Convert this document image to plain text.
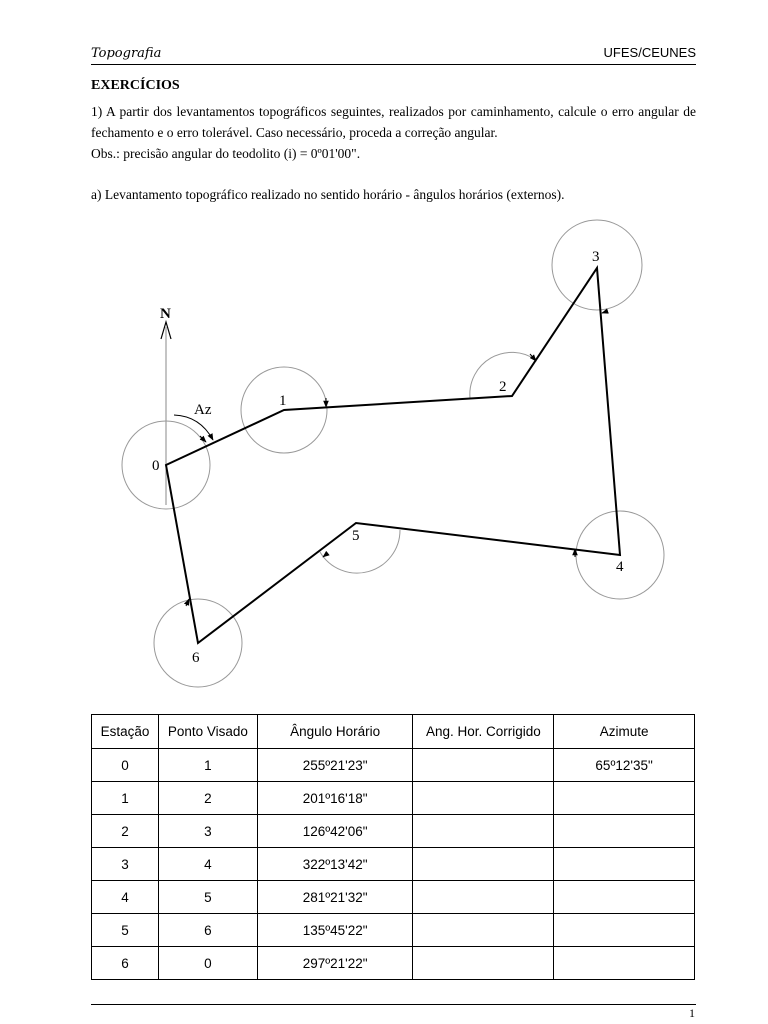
Topografia	UFES/CEUNES
EXERCÍCIOS
1) A partir dos levantamentos topográficos seguintes, realizados por caminhamento, calcule o erro angular de fechamento e o erro tolerável. Caso necessário, proceda a correção angular.
Obs.: precisão angular do teodolito (i) = 0º01'00".
a) Levantamento topográfico realizado no sentido horário - ângulos horários (externos).
N
Az
0
1
2
3
4
5
6
Estação	Ponto Visado	Ângulo Horário	Ang. Hor. Corrigido	Azimute
0	1	255º21'23"		65º12'35"
1	2	201º16'18"		
2	3	126º42'06"		
3	4	322º13'42"		
4	5	281º21'32"		
5	6	135º45'22"		
6	0	297º21'22"		
1
